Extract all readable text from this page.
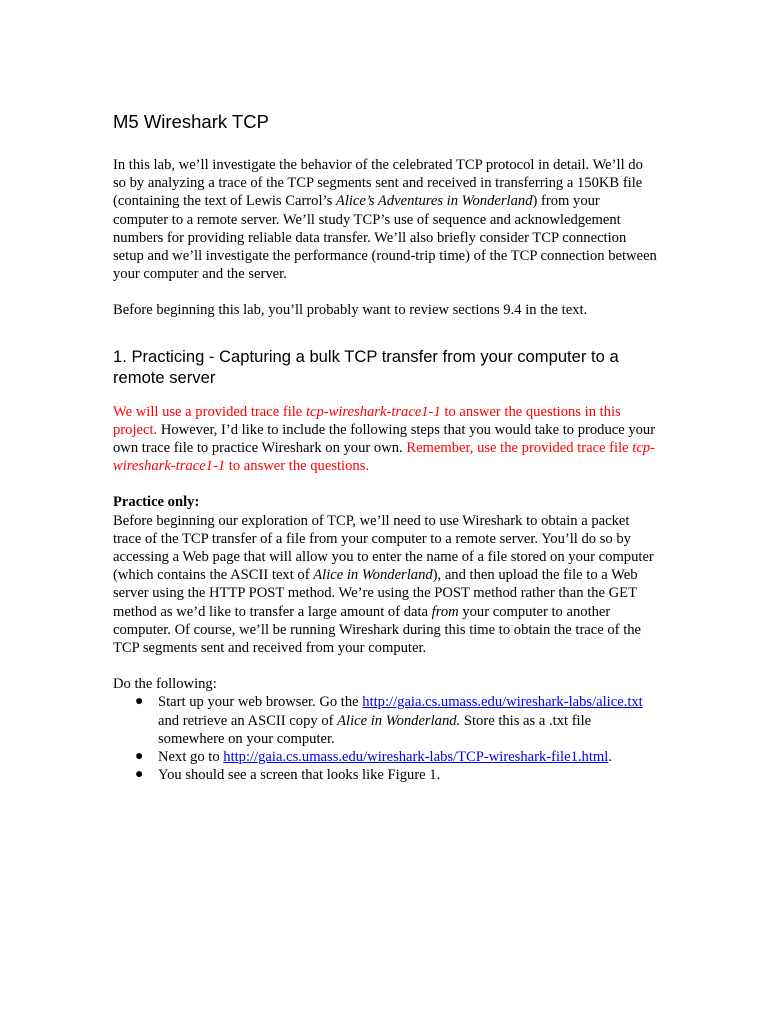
M5 Wireshark TCP

In this lab, we’ll investigate the behavior of the celebrated TCP protocol in detail. We’ll do so by analyzing a trace of the TCP segments sent and received in transferring a 150KB file (containing the text of Lewis Carrol’s Alice’s Adventures in Wonderland) from your computer to a remote server. We’ll study TCP’s use of sequence and acknowledgement numbers for providing reliable data transfer. We’ll also briefly consider TCP connection setup and we’ll investigate the performance (round-trip time) of the TCP connection between your computer and the server.

Before beginning this lab, you’ll probably want to review sections 9.4 in the text.

1. Practicing - Capturing a bulk TCP transfer from your computer to a remote server

We will use a provided trace file tcp-wireshark-trace1-1 to answer the questions in this project. However, I’d like to include the following steps that you would take to produce your own trace file to practice Wireshark on your own. Remember, use the provided trace file tcp-wireshark-trace1-1 to answer the questions.

Practice only:

Before beginning our exploration of TCP, we’ll need to use Wireshark to obtain a packet trace of the TCP transfer of a file from your computer to a remote server. You’ll do so by accessing a Web page that will allow you to enter the name of a file stored on your computer (which contains the ASCII text of Alice in Wonderland), and then upload the file to a Web server using the HTTP POST method. We’re using the POST method rather than the GET method as we’d like to transfer a large amount of data from your computer to another computer. Of course, we’ll be running Wireshark during this time to obtain the trace of the TCP segments sent and received from your computer.

Do the following:

● Start up your web browser. Go the http://gaia.cs.umass.edu/wireshark-labs/alice.txt and retrieve an ASCII copy of Alice in Wonderland. Store this as a .txt file somewhere on your computer.
● Next go to http://gaia.cs.umass.edu/wireshark-labs/TCP-wireshark-file1.html.
● You should see a screen that looks like Figure 1.
